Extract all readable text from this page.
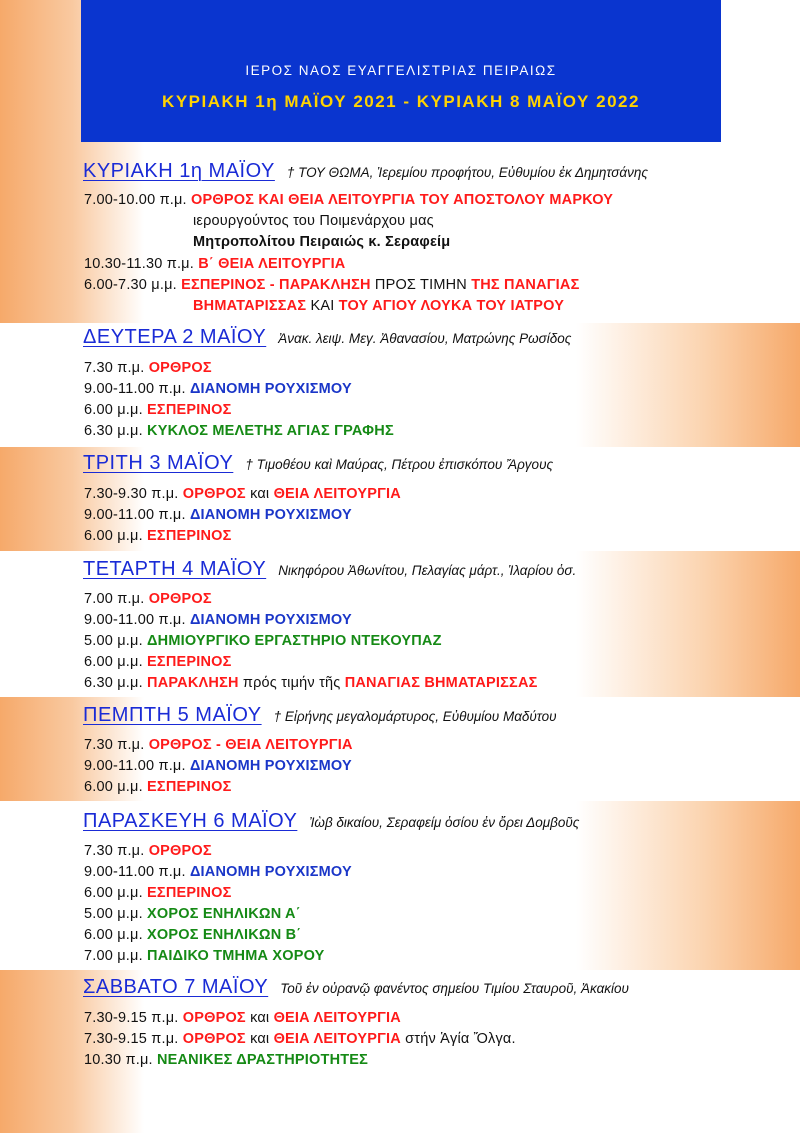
ΙΕΡΟΣ ΝΑΟΣ ΕΥΑΓΓΕΛΙΣΤΡΙΑΣ ΠΕΙΡΑΙΩΣ
ΚΥΡΙΑΚΗ 1η ΜΑΪΟΥ 2021 - ΚΥΡΙΑΚΗ 8 ΜΑΪΟΥ 2022
ΚΥΡΙΑΚΗ 1η ΜΑΪΟΥ † ΤΟΥ ΘΩΜΑ, Ἱερεμίου προφήτου, Εὐθυμίου ἐκ Δημητσάνης
7.00-10.00 π.μ. ΟΡΘΡΟΣ ΚΑΙ ΘΕΙΑ ΛΕΙΤΟΥΡΓΙΑ ΤΟΥ ΑΠΟΣΤΟΛΟΥ ΜΑΡΚΟΥ
ιερουργούντος του Ποιμενάρχου μας
Μητροπολίτου Πειραιώς κ. Σεραφείμ
10.30-11.30 π.μ. Β΄ ΘΕΙΑ ΛΕΙΤΟΥΡΓΙΑ
6.00-7.30 μ.μ. ΕΣΠΕΡΙΝΟΣ - ΠΑΡΑΚΛΗΣΗ ΠΡΟΣ ΤΙΜΗΝ ΤΗΣ ΠΑΝΑΓΙΑΣ
ΒΗΜΑΤΑΡΙΣΣΑΣ ΚΑΙ ΤΟΥ ΑΓΙΟΥ ΛΟΥΚΑ ΤΟΥ ΙΑΤΡΟΥ
ΔΕΥΤΕΡΑ 2 ΜΑΪΟΥ Ἀνακ. λειψ. Μεγ. Ἀθανασίου, Ματρώνης Ρωσίδος
7.30 π.μ. ΟΡΘΡΟΣ
9.00-11.00 π.μ. ΔΙΑΝΟΜΗ ΡΟΥΧΙΣΜΟΥ
6.00 μ.μ. ΕΣΠΕΡΙΝΟΣ
6.30 μ.μ. ΚΥΚΛΟΣ ΜΕΛΕΤΗΣ ΑΓΙΑΣ ΓΡΑΦΗΣ
ΤΡΙΤΗ 3 ΜΑΪΟΥ † Τιμοθέου καὶ Μαύρας, Πέτρου ἐπισκόπου Ἄργους
7.30-9.30 π.μ. ΟΡΘΡΟΣ και ΘΕΙΑ ΛΕΙΤΟΥΡΓΙΑ
9.00-11.00 π.μ. ΔΙΑΝΟΜΗ ΡΟΥΧΙΣΜΟΥ
6.00 μ.μ. ΕΣΠΕΡΙΝΟΣ
ΤΕΤΑΡΤΗ 4 ΜΑΪΟΥ Νικηφόρου Ἀθωνίτου, Πελαγίας μάρτ., Ἱλαρίου ὁσ.
7.00 π.μ. ΟΡΘΡΟΣ
9.00-11.00 π.μ. ΔΙΑΝΟΜΗ ΡΟΥΧΙΣΜΟΥ
5.00 μ.μ. ΔΗΜΙΟΥΡΓΙΚΟ ΕΡΓΑΣΤΗΡΙΟ ΝΤΕΚΟΥΠΑΖ
6.00 μ.μ. ΕΣΠΕΡΙΝΟΣ
6.30 μ.μ. ΠΑΡΑΚΛΗΣΗ πρός τιμήν τῆς ΠΑΝΑΓΙΑΣ ΒΗΜΑΤΑΡΙΣΣΑΣ
ΠΕΜΠΤΗ 5 ΜΑΪΟΥ † Εἰρήνης μεγαλομάρτυρος, Εὐθυμίου Μαδύτου
7.30 π.μ. ΟΡΘΡΟΣ - ΘΕΙΑ ΛΕΙΤΟΥΡΓΙΑ
9.00-11.00 π.μ. ΔΙΑΝΟΜΗ ΡΟΥΧΙΣΜΟΥ
6.00 μ.μ. ΕΣΠΕΡΙΝΟΣ
ΠΑΡΑΣΚΕΥΗ 6 ΜΑΪΟΥ Ἰὼβ δικαίου, Σεραφείμ ὁσίου ἐν ὄρει Δομβοῦς
7.30 π.μ. ΟΡΘΡΟΣ
9.00-11.00 π.μ. ΔΙΑΝΟΜΗ ΡΟΥΧΙΣΜΟΥ
6.00 μ.μ. ΕΣΠΕΡΙΝΟΣ
5.00 μ.μ. ΧΟΡΟΣ ΕΝΗΛΙΚΩΝ Α΄
6.00 μ.μ. ΧΟΡΟΣ ΕΝΗΛΙΚΩΝ Β΄
7.00 μ.μ. ΠΑΙΔΙΚΟ ΤΜΗΜΑ ΧΟΡΟΥ
ΣΑΒΒΑΤΟ 7 ΜΑΪΟΥ Τοῦ ἐν οὐρανῷ φανέντος σημείου Τιμίου Σταυροῦ, Ἀκακίου
7.30-9.15 π.μ. ΟΡΘΡΟΣ και ΘΕΙΑ ΛΕΙΤΟΥΡΓΙΑ
7.30-9.15 π.μ. ΟΡΘΡΟΣ και ΘΕΙΑ ΛΕΙΤΟΥΡΓΙΑ στήν Ἁγία Ὄλγα.
10.30 π.μ. ΝΕΑΝΙΚΕΣ ΔΡΑΣΤΗΡΙΟΤΗΤΕΣ
